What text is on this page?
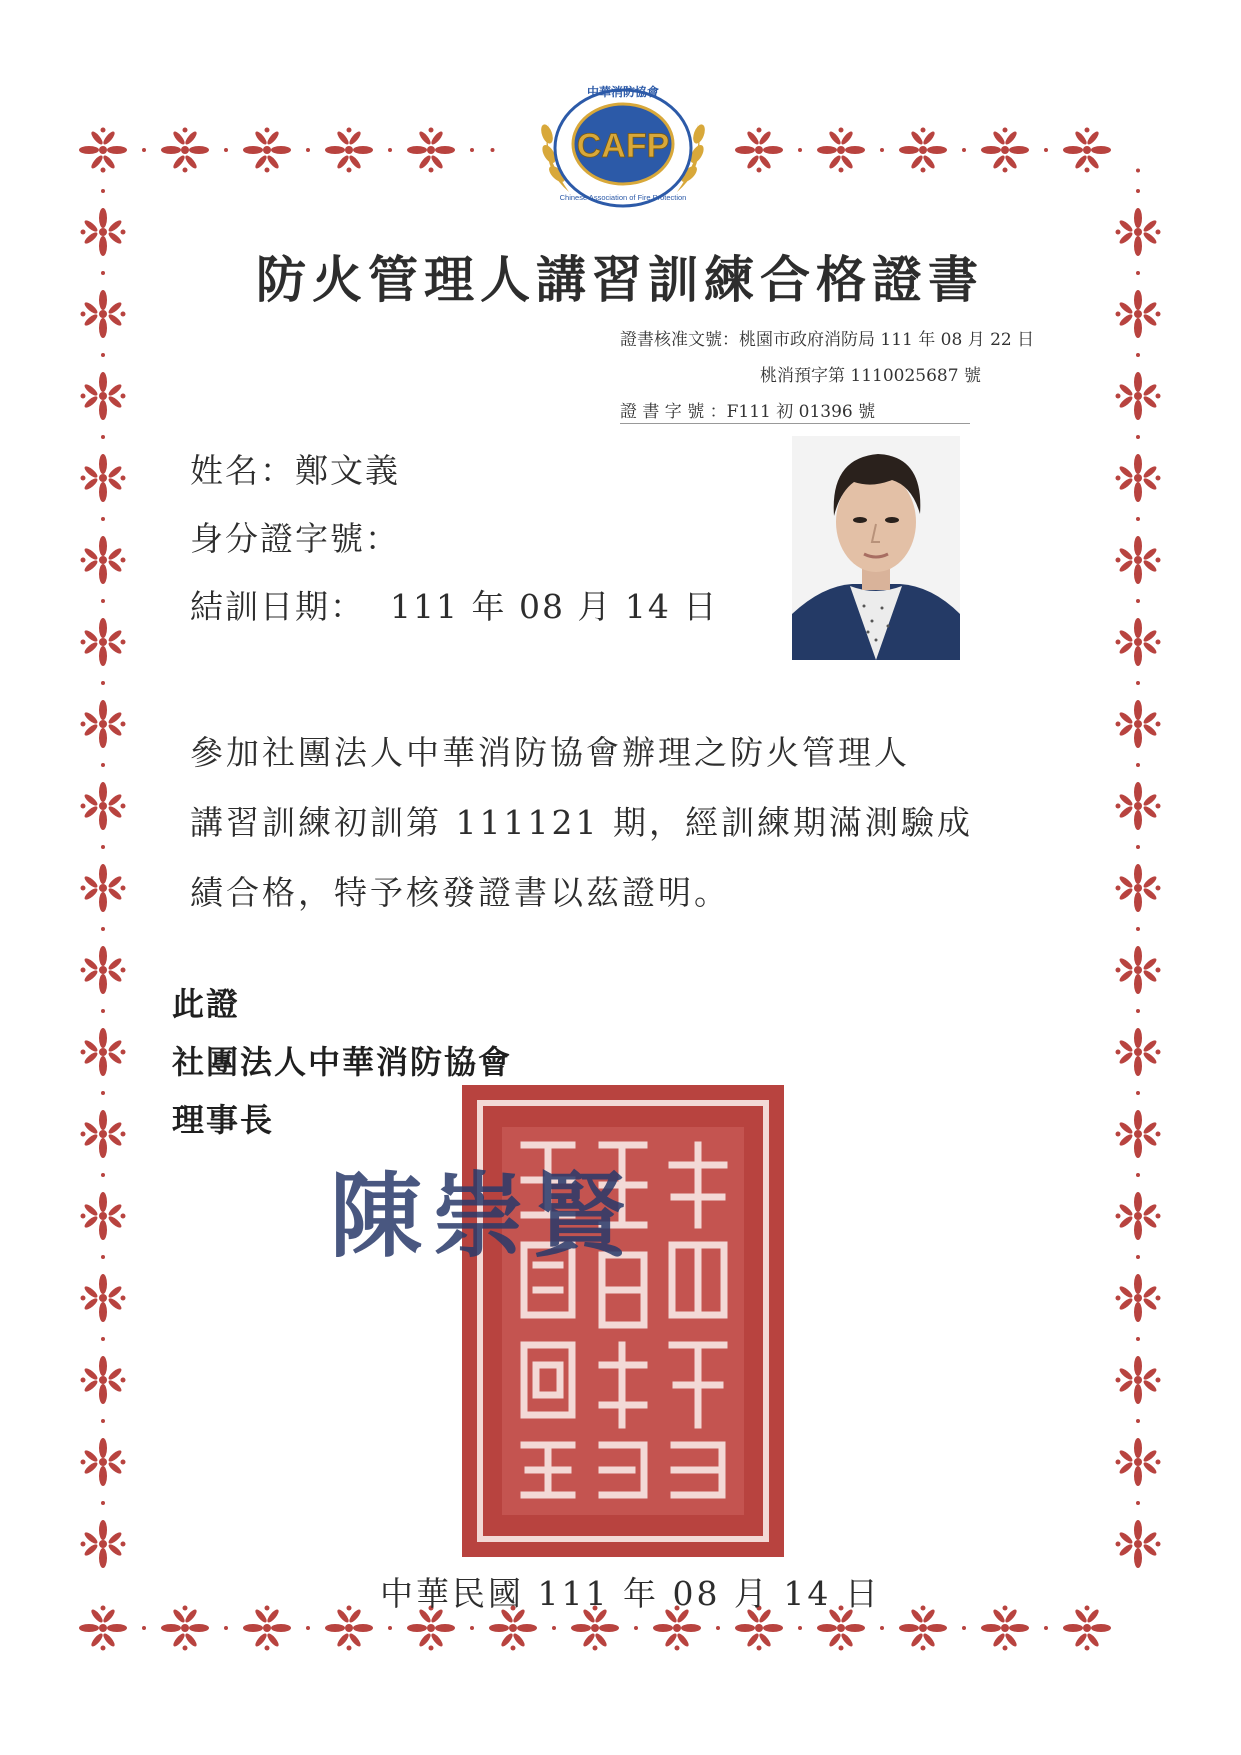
CAFP
中華消防協會
Chinese Association of Fire Protection
防火管理人講習訓練合格證書
證書核准文號：桃園市政府消防局 111 年 08 月 22 日
桃消預字第 1110025687 號
證 書 字 號 ：F111 初 01396 號
姓名：鄭文義
身分證字號：
結訓日期： 111 年 08 月 14 日
參加社團法人中華消防協會辦理之防火管理人
講習訓練初訓第 111121 期，經訓練期滿測驗成
績合格，特予核發證書以茲證明。
此證
社團法人中華消防協會
理事長
陳崇賢
中華民國 111 年 08 月 14 日
